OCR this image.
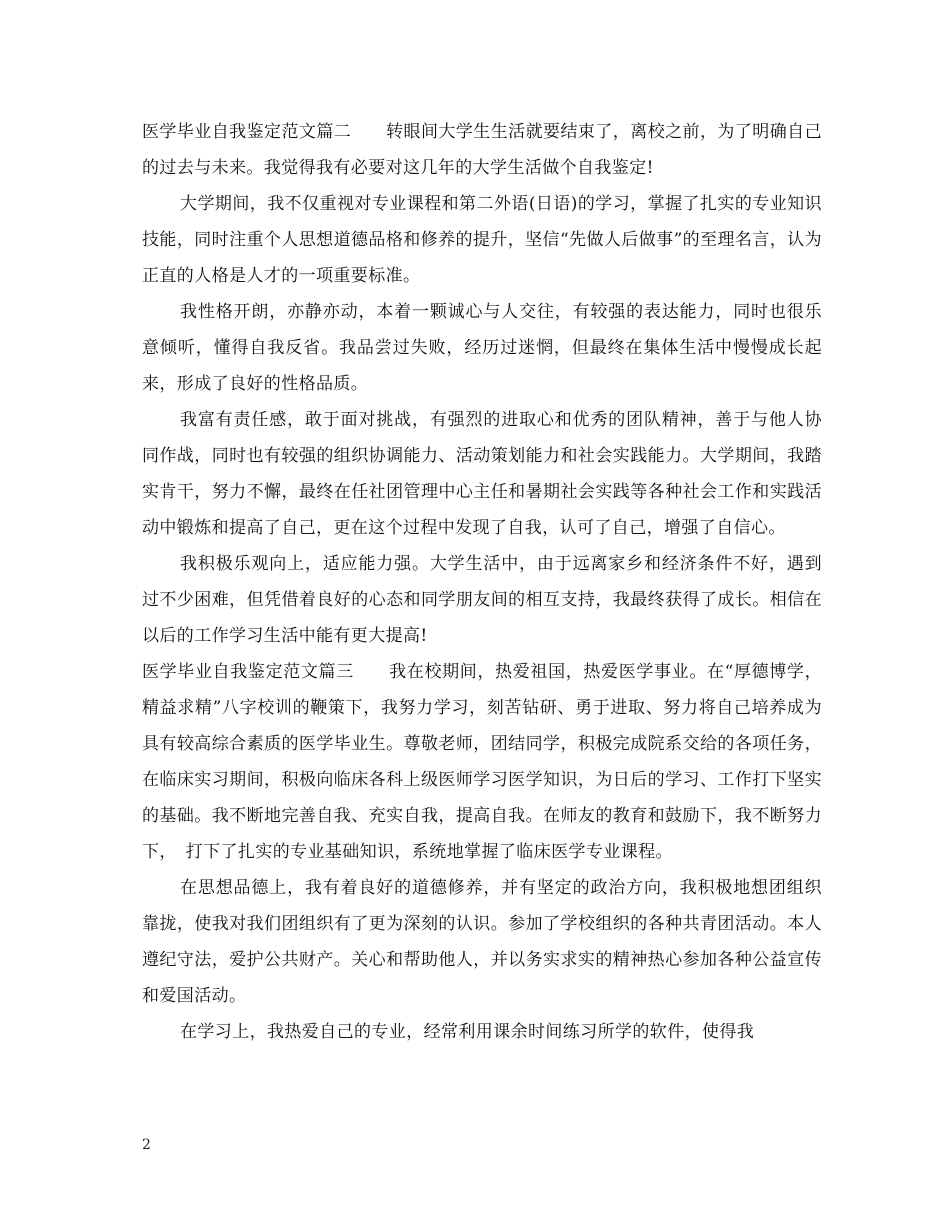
医学毕业自我鉴定范文篇二　　转眼间大学生生活就要结束了，离校之前，为了明确自己的过去与未来。我觉得我有必要对这几年的大学生活做个自我鉴定!

大学期间，我不仅重视对专业课程和第二外语(日语)的学习，掌握了扎实的专业知识技能，同时注重个人思想道德品格和修养的提升，坚信“先做人后做事”的至理名言，认为正直的人格是人才的一项重要标准。

我性格开朗，亦静亦动，本着一颗诚心与人交往，有较强的表达能力，同时也很乐意倾听，懂得自我反省。我品尝过失败，经历过迷惘，但最终在集体生活中慢慢成长起来，形成了良好的性格品质。

我富有责任感，敢于面对挑战，有强烈的进取心和优秀的团队精神，善于与他人协同作战，同时也有较强的组织协调能力、活动策划能力和社会实践能力。大学期间，我踏实肯干，努力不懈，最终在任社团管理中心主任和暑期社会实践等各种社会工作和实践活动中锻炼和提高了自己，更在这个过程中发现了自我，认可了自己，增强了自信心。

我积极乐观向上，适应能力强。大学生活中，由于远离家乡和经济条件不好，遇到过不少困难，但凭借着良好的心态和同学朋友间的相互支持，我最终获得了成长。相信在以后的工作学习生活中能有更大提高!

医学毕业自我鉴定范文篇三　　我在校期间，热爱祖国，热爱医学事业。在“厚德博学，精益求精”八字校训的鞭策下，我努力学习，刻苦钻研、勇于进取、努力将自己培养成为具有较高综合素质的医学毕业生。尊敬老师，团结同学，积极完成院系交给的各项任务，在临床实习期间，积极向临床各科上级医师学习医学知识，为日后的学习、工作打下坚实的基础。我不断地完善自我、充实自我，提高自我。在师友的教育和鼓励下，我不断努力下，　打下了扎实的专业基础知识，系统地掌握了临床医学专业课程。

在思想品德上，我有着良好的道德修养，并有坚定的政治方向，我积极地想团组织靠拢，使我对我们团组织有了更为深刻的认识。参加了学校组织的各种共青团活动。本人遵纪守法，爱护公共财产。关心和帮助他人，并以务实求实的精神热心参加各种公益宣传和爱国活动。

在学习上，我热爱自己的专业，经常利用课余时间练习所学的软件，使得我

2
